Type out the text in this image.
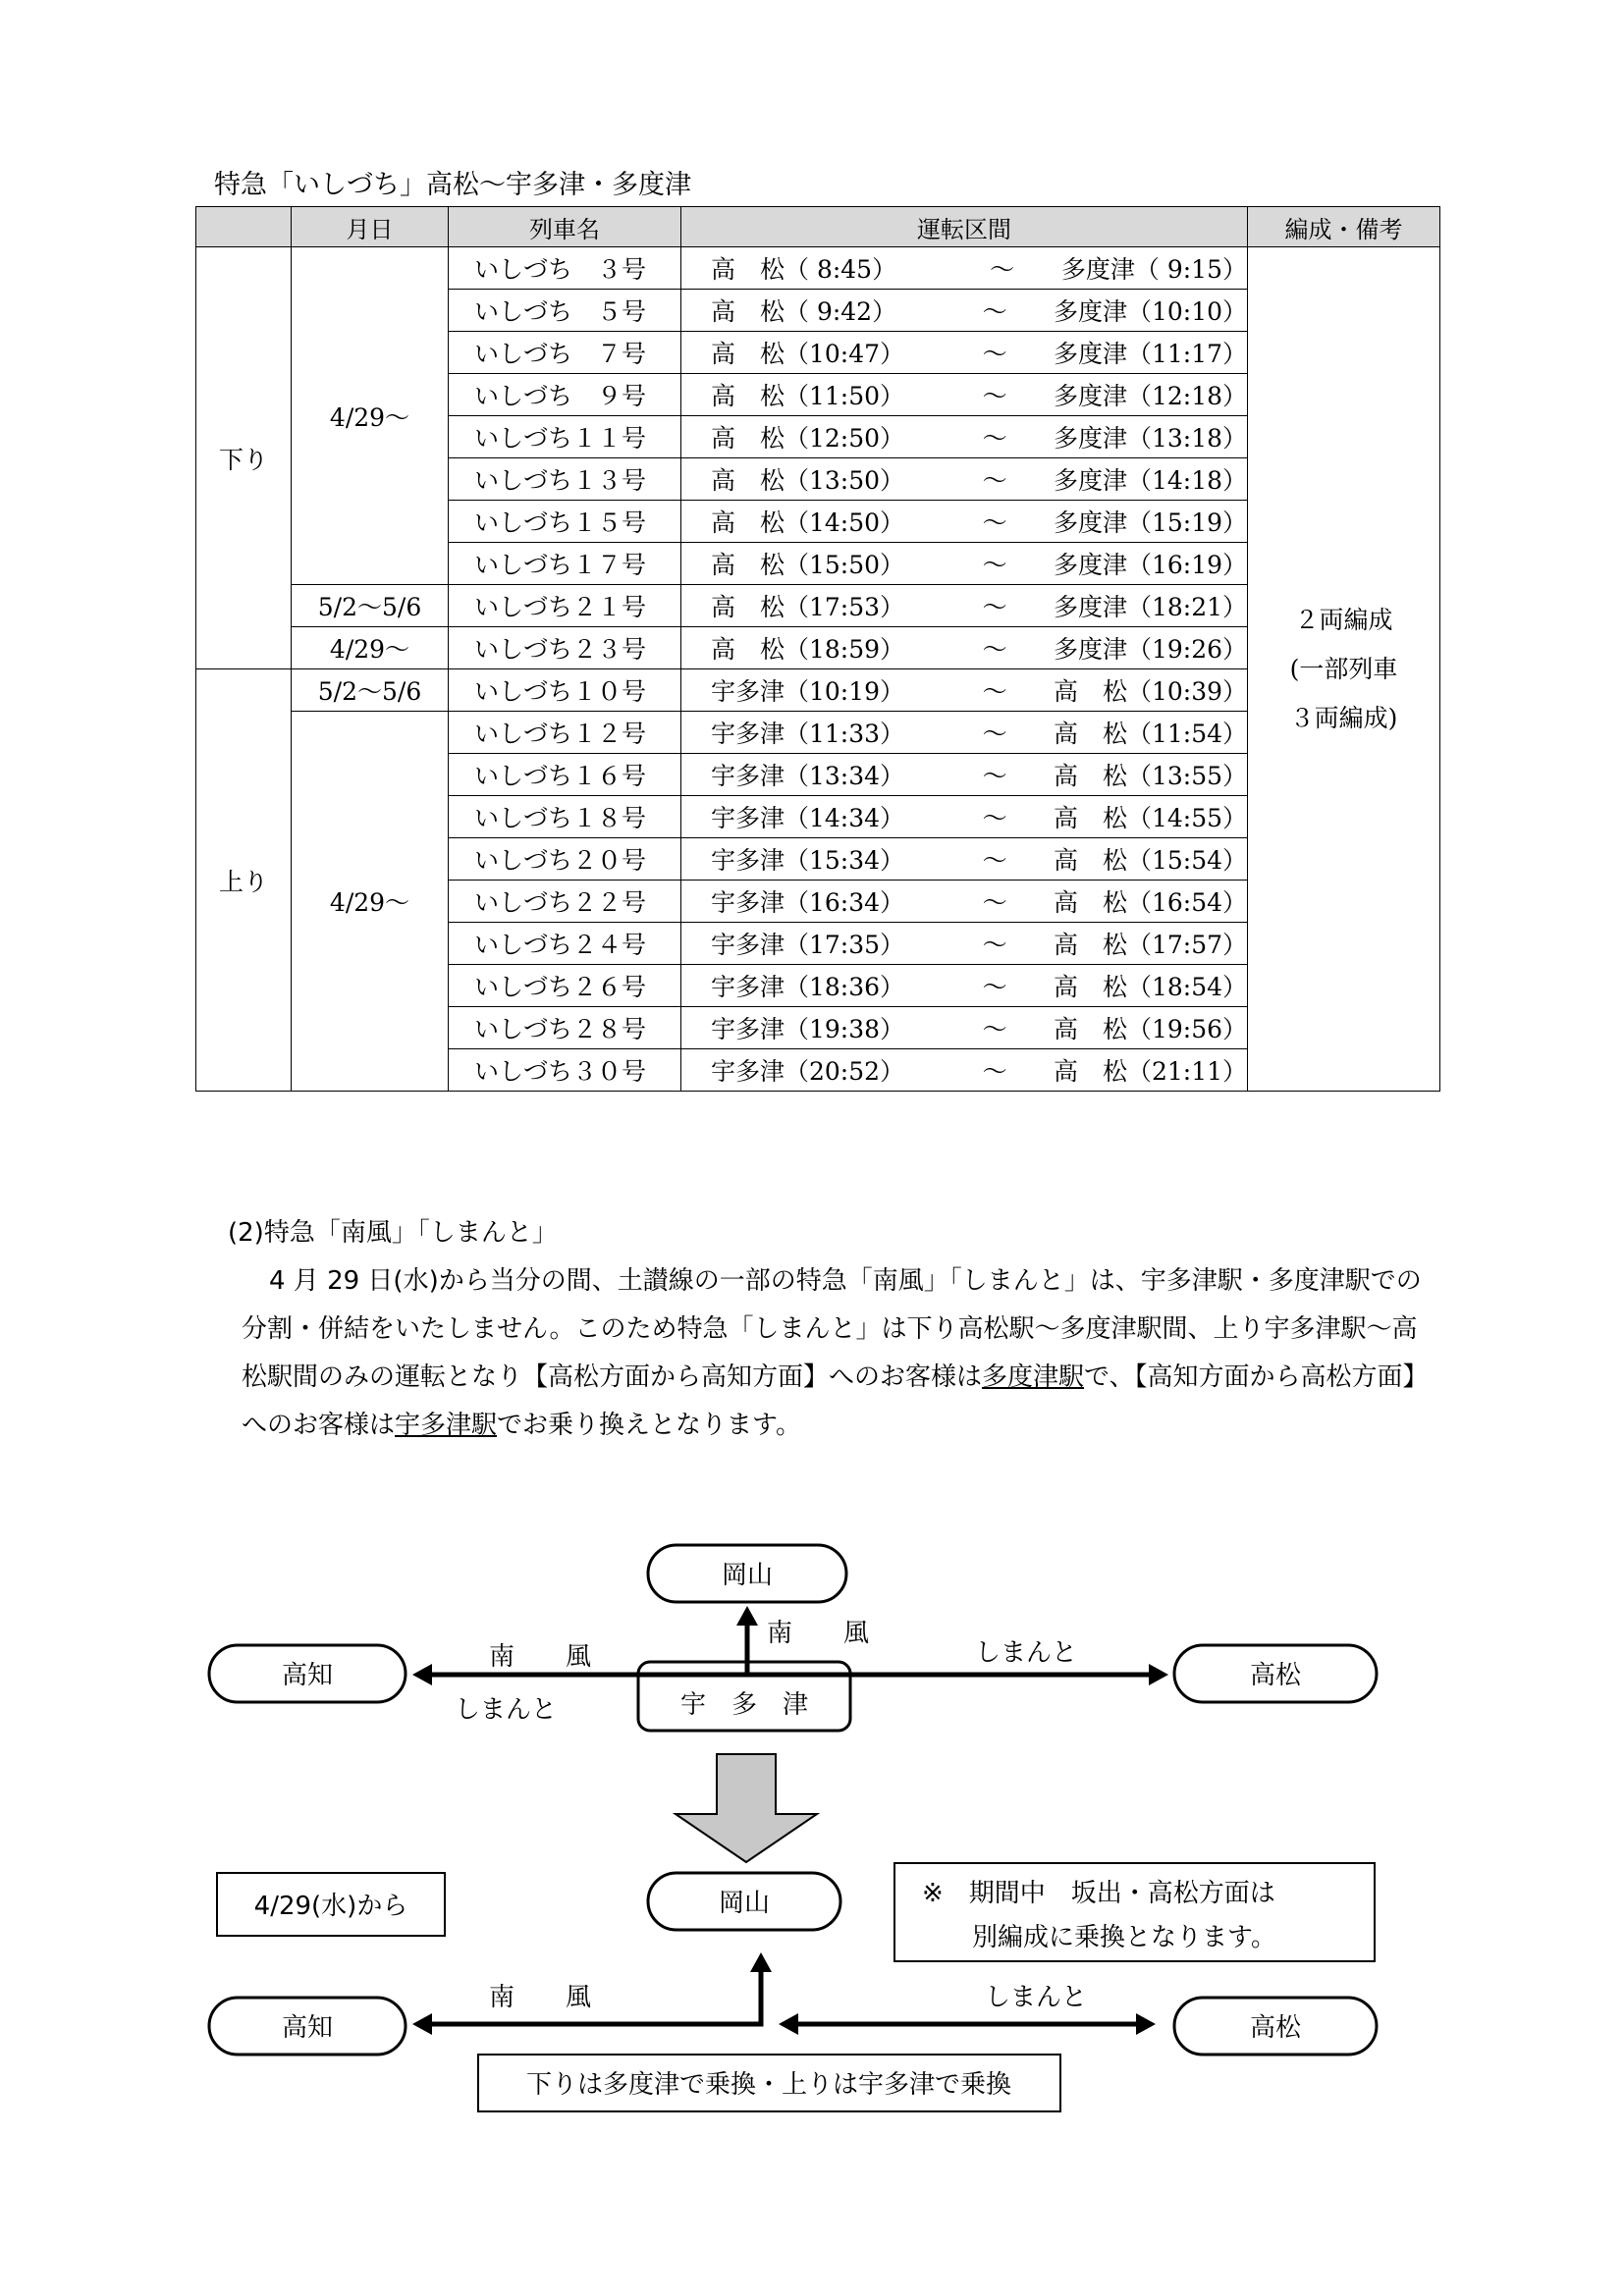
特急「いしづち」高松～宇多津・多度津
	月日	列車名	運転区間	編成・備考
下り	4/29～	いしづち　３号	高　松（ 8:45） ～ 多度津（ 9:15）	２両編成
(一部列車
３両編成)
		いしづち　５号	高　松（ 9:42） ～ 多度津（10:10）	

		いしづち　７号	高　松（10:47） ～ 多度津（11:17）	

		いしづち　９号	高　松（11:50） ～ 多度津（12:18）	

		いしづち１１号	高　松（12:50） ～ 多度津（13:18）	

		いしづち１３号	高　松（13:50） ～ 多度津（14:18）	

		いしづち１５号	高　松（14:50） ～ 多度津（15:19）	

		いしづち１７号	高　松（15:50） ～ 多度津（16:19）	

	5/2～5/6	いしづち２１号	高　松（17:53） ～ 多度津（18:21）	

	4/29～	いしづち２３号	高　松（18:59） ～ 多度津（19:26）	

上り	5/2～5/6	いしづち１０号	宇多津（10:19） ～ 高　松（10:39）	

	4/29～	いしづち１２号	宇多津（11:33） ～ 高　松（11:54）	

		いしづち１６号	宇多津（13:34） ～ 高　松（13:55）	

		いしづち１８号	宇多津（14:34） ～ 高　松（14:55）	

		いしづち２０号	宇多津（15:34） ～ 高　松（15:54）	

		いしづち２２号	宇多津（16:34） ～ 高　松（16:54）	

		いしづち２４号	宇多津（17:35） ～ 高　松（17:57）	

		いしづち２６号	宇多津（18:36） ～ 高　松（18:54）	

		いしづち２８号	宇多津（19:38） ～ 高　松（19:56）	

		いしづち３０号	宇多津（20:52） ～ 高　松（21:11）	

(2)特急「南風」「しまんと」

4 月 29 日(水)から当分の間、土讃線の一部の特急「南風」「しまんと」は、宇多津駅・多度津駅での分割・併結をいたしません。このため特急「しまんと」は下り高松駅～多度津駅間、上り宇多津駅～高松駅間のみの運転となり【高松方面から高知方面】へのお客様は多度津駅で、【高知方面から高松方面】へのお客様は宇多津駅でお乗り換えとなります。

岡山
高知	高松
宇　多　津
南　　風
しまんと
南　　風
しまんと
4/29(水)から	岡山	※　期間中　坂出・高松方面は
別編成に乗換となります。
高知	高松
南　　風	しまんと
下りは多度津で乗換・上りは宇多津で乗換
